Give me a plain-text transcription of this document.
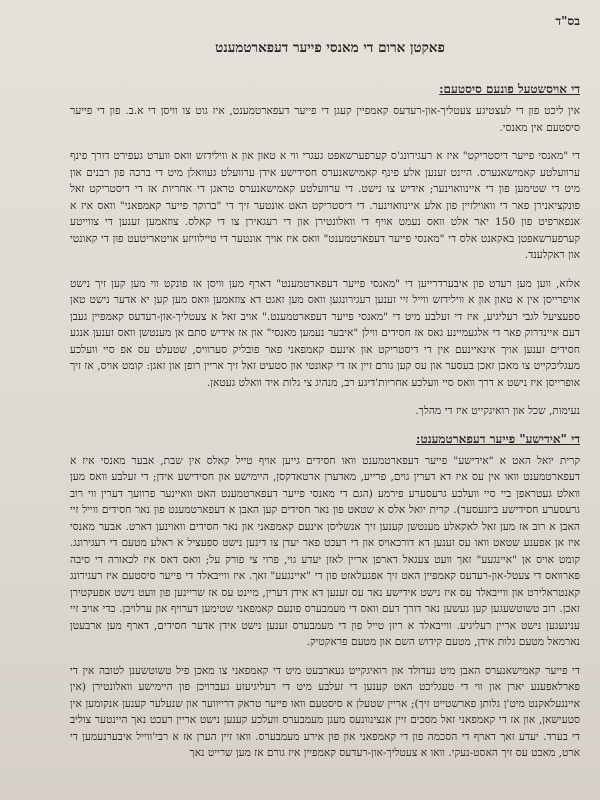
בס"ד
פאקטן ארום די מאנסי פייער דעפארטמענט
די אויסשטעל פונעם סיסטעם:

אין ליכט פון די לעצטיגע צעטליך-און-רעדעס קאמפיין קעגן די פייער דעפארטמענט, איז גוט צו וויסן די א.ב. פון די פייער סיסטעם אין מאנסי.

די "מאנסי פייער דיסטריקט" איז א רעגירונג'ס קערפערשאפט געגרי ווי א טאון און א ווילידזש וואס ווערט געפירט דורך פינף ערוועלטע קאמישאנערס. היינט זענען אלע פינף קאמישאנערס חסידישע אידן ערוועלט געוואלן מיט די ברכה פון רבנים און מיט די שטימען פון די איינוואוינער; אידיש צו נישט. די ערוועלטע קאמישאנערס טראגן די אחריות אז די דיסטריקט זאל פונקציאנירן פאר די וואוילזיין פון אלע איינוואוינער. די דיסטריקט האט אונטער זיך די "ברוקר פייער קאמפאני" וואס איז א אנפארפיט פון 150 יאר אלט וואס נעמט אויף די וואלונטירן און די רעגאירן צו די קאלס. צוזאמען זענען די צווייטע קערפערשאפטן באקאנט אלס די "מאנסי פייער דעפארטמענט" וואס איז אויך אונטער די טיילוויזע אויטאריטעט פון די קאונטי און ראקלענד.

אלזא, ווען מען רעדט פון איבערדרייען די "מאנסי פייער דעפארטמענט" דארף מען וויסן אז פונקט ווי מען קען זיך נישט אויפרייסן אין א טאון און א ווילידזש ווייל זיי זענען רעגירונגען וואס מען זאגט דא צוזאמען וואס מען קען יא אדער נישט טאן ספעציעל לגבי רעליגיע, איז די זעלבע מיט די "מאנסי פייער דעפארטמענט." אויב זאל א צעטליך-און-רעדעס קאמפיין געבן דעם איינדרוק פאר די אלגעמיינע גאס אז חסידים ווילן "איבער נעמען מאנסי" און אז אידיש סתם אן מענטשן וואס זענען אנגע חסידים זענען אויך אינאיינעם אין די דיסטריקט און אינעם קאמפאני פאר פובליק סערוויס, שטעלט עס אפ סיי וועלכע מעגליכקייט צו מאכן זאכן בעסער און עס קען גורם זיין אז די קאונטי און סטעיט זאל זיך אריין רופן און זאגן: קומט אויס, אז זיך אופרייסן איז נישט א דרך וואס סיי וועלכע אחריות'דיגע רב, מנהיג צי גלות איד וואלט געטאן.

נעימות, שכל און רואיגקייט איז די מהלך.

די "אידישע" פייער דעפארטמענט:

קרית יואל האט א "אידישע" פייער דעפארטמענט וואו חסידים גייען אויף טייל קאלס אין שבת, אבער מאנסי איז א דעפארטמענט וואו אין עס איז דא דערין גוים, פרייע, מאדערן ארטאדקסן, היימישע און חסידישע אידן; די זעלבע וואס מען וואלט געטראפן ביי סיי וועלכע גרעסערע פירמע (הגם די מאנסי פייער דעפארטמענט האט וואיינער פרוועך דערין ווי רוב גרעסערע חסידישע ביזנעסער). קרית יואל אלס א שטאט פון נאר חסידים קען האבן א דעפארטמענט פון נאר חסידים ווייל זיי האבן א רוב אז מען זאל לאקאלע מענטשן קענען זיך אנשליסן אינעם קאמפאני און נאר חסידים וואוינען דארט. אבער מאנסי איז אן אפענע שטאט וואו עס זענען דא דורכאויס און די רעכט פאר יעדן צו דינען נישט ספעציל א ראלע מטעם די רעגירונג. קומט אויס אן "איינגעע" זאך וועט צעגאל דארפן אריין לאזן יעדע גוי, פרוי צי פורק על; וואס דאס איז לכאורה די סיבה פארוואס די צעטל-און-רעדעס קאמפיין האט זיך אפגעלאזט פון די "איינגעע" זאך. איז ווייבאלד די פייער סיסטעם איז רעגירונג קאנטראלירט און ווייבאלד עס איז נישט אידישע נאר עס זענען דא אידן דערין, מיינט עס אז שריינען פון וועט נישט אפעקטירן זאכן. רוב טשוטשעגען קען געשען נאר דורך דעם וואס די מעמבערס פונעם קאמפאני שטימען דערויף און ערלויבן. כדי אויב זיי ענינעגען נישט אריין רעליגיע. ווייבאלד א ריזן טייל פון די מעמבערס זענען נישט אידן אדער חסידים, דארף מען ארבעטן נארמאל מטעם גלות אידן, מטעם קידוש השם און מטעם פראקטיק.

די פייער קאמישאנערס האבן מיט געדולד און רואיגקייט געארבעט מיט די קאמפאני צו מאכן פיל טשוטשענן לטובה אין די פארלאפענע יארן און ווי די טעגליכט האט קענען די זעלבע מיט די רעליגיעזע געברויכן פון היימישע וואלונטירן (אין אייננעלאקנט מיט'ן גלותן פארשטייט זיך); אריין שטעלן א סיסטעם וואו פייער טראק דרייווער און שנעלער קענען אנקומען אין סטעישאן, און אז די קאמפאני זאל מסכים זיין אנצינוונעס מעגן מעמבערס וועלכע קענען נישט אריין רעכט נאך היינטער צוליב די בערד. יעדע זאך דארף די הסכמה פון די קאמפאני און פון אירע מעמבערס. וואו זיין הערן אז א רבי'ווייל איבערנעמען די ארט, מאכט עס זיך האסט-נעקי. וואו א צעטליך-און-רעדעס קאמפיין איז גורם אז מען שרייט נאך
